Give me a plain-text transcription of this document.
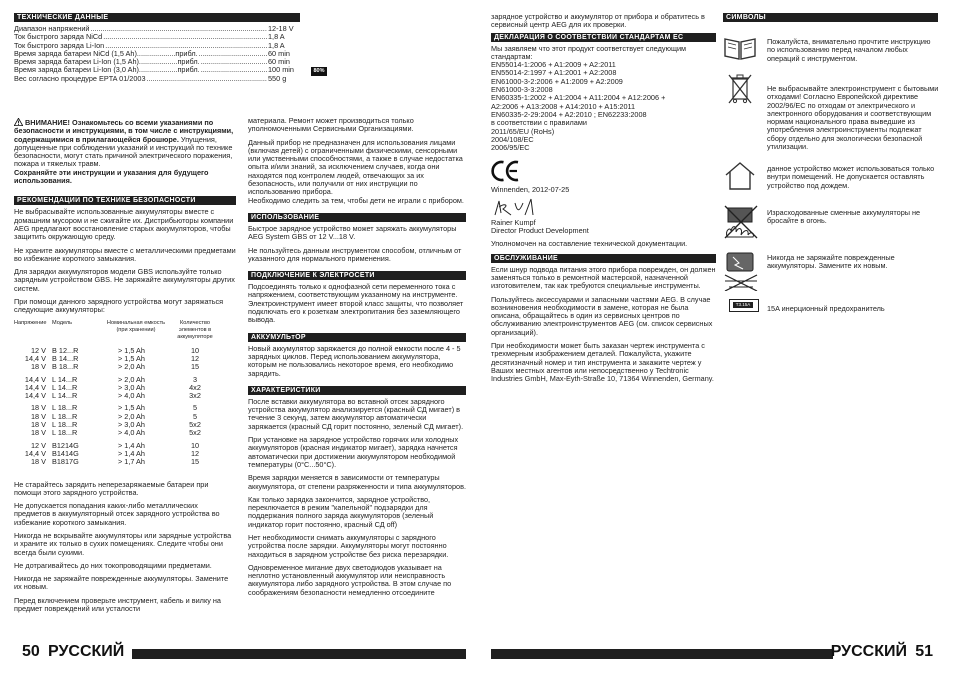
ТЕХНИЧЕСКИЕ ДАННЫЕ
Диапазон напряжений .....	12-18 V
Ток быстрого заряда NiCd .....	1,8 A
Ток быстрого заряда Li-Ion .....	1,8 A
Время заряда батареи NiCd (1,5 Ah)...................прибл. .....	60 min
Время заряда батареи Li-Ion (1,5 Ah)...................прибл. .....	60 min
Время заряда батареи Li-Ion (3,0 Ah)...................прибл. .....	100 min
Вес согласно процедуре EPTA 01/2003 .....	550 g
80%
ВНИМАНИЕ! Ознакомьтесь со всеми указаниями по безопасности и инструкциями, в том числе с инструкциями, содержащимися в прилагающейся брошюре. Упущения, допущенные при соблюдении указаний и инструкций по технике безопасности, могут стать причиной электрического поражения, пожара и тяжелых травм.
Сохраняйте эти инструкции и указания для будущего использования.
РЕКОМЕНДАЦИИ ПО ТЕХНИКЕ БЕЗОПАСНОСТИ
Не выбрасывайте использованные аккумуляторы вместе с домашним мусором и не сжигайте их. Дистрибьюторы компании AEG предлагают восстановление старых аккумуляторов, чтобы защитить окружающую среду.
Не храните аккумуляторы вместе с металлическими предметами во избежание короткого замыкания.
Для зарядки аккумуляторов модели GBS используйте только зарядным устройством GBS. Не заряжайте аккумуляторы других систем.
При помощи данного зарядного устройства могут заряжаться следующие аккумуляторы:
Напряжение	Модель	Номинальная емкость (при хранении)	Количество элементов в аккумуляторе

12 V	B 12...R	> 1,5 Ah	10
14,4 V	B 14...R	> 1,5 Ah	12
18 V	B 18...R	> 2,0 Ah	15

14,4 V	L 14...R	> 2,0 Ah	3
14,4 V	L 14...R	> 3,0 Ah	4x2
14,4 V	L 14...R	> 4,0 Ah	3x2

18 V	L 18...R	> 1,5 Ah	5
18 V	L 18...R	> 2,0 Ah	5
18 V	L 18...R	> 3,0 Ah	5x2
18 V	L 18...R	> 4,0 Ah	5x2

12 V	B1214G	> 1,4 Ah	10
14,4 V	B1414G	> 1,4 Ah	12
18 V	B1817G	> 1,7 Ah	15

Не старайтесь зарядить неперезаряжаемые батареи при помощи этого зарядного устройства.
Не допускается попадания каких-либо металлических предметов в аккумуляторный отсек зарядного устройства во избежание короткого замыкания.
Никогда не вскрывайте аккумуляторы или зарядные устройства и храните их только в сухих помещениях. Следите чтобы они всегда были сухими.
Не дотрагивайтесь до них токопроводящими предметами.
Никогда не заряжайте поврежденные аккумуляторы. Замените их новым.
Перед включением проверьте инструмент, кабель и вилку на предмет повреждений или усталости
материала. Ремонт может производиться только уполномоченными Сервисными Организациями.
Данный прибор не предназначен для использования лицами (включая детей) с ограниченными физическими, сенсорными или умственными способностями, а также в случае недостатка опыта и/или знаний, за исключением случаев, когда они находятся под контролем людей, отвечающих за их безопасность, или получили от них инструкции по использованию прибора.
Необходимо следить за тем, чтобы дети не играли с прибором.
ИСПОЛЬЗОВАНИЕ
Быстрое зарядное устройство может заряжать аккумуляторы AEG System GBS от 12 V...18 V.
Не пользуйтесь данным инструментом способом, отличным от указанного для нормального применения.
ПОДКЛЮЧЕНИЕ К ЭЛЕКТРОСЕТИ
Подсоединять только к однофазной сети переменного тока с напряжением, соответствующим указанному на инструменте. Электроинструмент имеет второй класс защиты, что позволяет подключать его к розеткам электропитания без заземляющего вывода.
АККУМУЛЬтОР
Новый аккумулятор заряжается до полной емкости после 4 - 5 зарядных циклов. Перед использованием аккумулятора, которым не пользовались некоторое время, его необходимо зарядить.
ХАРАКТЕРИСТИКИ
После вставки аккумулятора во вставной отсек зарядного устройства аккумулятор анализируется (красный СД мигает) в течение 3 секунд, затем аккумулятор автоматически заряжается (красный СД горит постоянно, зеленый СД мигает).
При установке на зарядное устройство горячих или холодных аккумуляторов (красная индикатор мигает), зарядка начнется автоматически при достижении аккумулятором необходимой температуры (0°C...50°C).
Время зарядки меняется в зависимости от температуры аккумулятора, от степени разряженности и типа аккумуляторов.
Как только зарядка закончится, зарядное устройство, переключается в режим "капельной" подзарядки для поддержания полного заряда аккумуляторов (зеленый индикатор горит постоянно, красный СД off)
Нет необходимости снимать аккумуляторы с зарядного устройства после зарядки. Аккумуляторы могут постоянно находиться в зарядном устройстве без риска перезарядки.
Одновременное мигание двух светодиодов указывает на неплотно установленный аккумулятор или неисправность аккумулятора либо зарядного устройства. В этом случае по соображениям безопасности немедленно отсоедините
50 РУССКИЙ
зарядное устройство и аккумулятор от прибора и обратитесь в сервисный центр AEG для их проверки.
ДЕКЛАРАЦИЯ О СООТВЕТСТВИИ СТАНДАРТАМ ЕС
Мы заявляем что этот продукт соответствует следующим стандартам:
EN55014-1:2006 + A1:2009 + A2:2011
EN55014-2:1997 + A1:2001 + A2:2008
EN61000-3-2:2006 + A1:2009 + A2:2009
EN61000-3-3:2008
EN60335-1:2002 + A1:2004 + A11:2004 + A12:2006 +
A2:2006 + A13:2008 + A14:2010 + A15:2011
EN60335-2-29:2004 + A2:2010 ; EN62233:2008
в соответствии с правилами
2011/65/EU (RoHs)
2004/108/EC
2006/95/EC
Winnenden, 2012-07-25
Rainer Kumpf
Director Product Development
Уполномочен на составление технической документации.
ОБСЛУЖИВАНИЕ
Если шнур подвода питания этого прибора поврежден, он должен заменяться только в ремонтной мастерской, назначенной изготовителем, так как требуются специальные инструменты.
Пользуйтесь аксессуарами и запасными частями AEG. В случае возникновения необходимости в замене, которая не была описана, обращайтесь в один из сервисных центров по обслуживанию электроинструментов AEG (см. список сервисных организаций).
При необходимости может быть заказан чертеж инструмента с трехмерным изображением деталей. Пожалуйста, укажите десятизначный номер и тип инструмента и закажите чертеж у Ваших местных агентов или непосредственно у Techtronic Industries GmbH, Max-Eyth-Straße 10, 71364 Winnenden, Germany.
РУССКИЙ 51
СИМВОЛЫ
Пожалуйста, внимательно прочтите инструкцию по использованию перед началом любых операций с инструментом.
Не выбрасывайте электроинструмент с бытовыми отходами! Согласно Европейской директиве 2002/96/EC по отходам от электрического и электронного оборудования и соответствующим нормам национального права выведшие из употребления электроинструменты подлежат сбору отдельно для экологически безопасной утилизации.
данное устройство может использоваться только внутри помещений. Не допускается оставлять устройство под дождем.
Израсходованные сменные аккумуляторы не бросайте в огонь.
Никогда не заряжайте поврежденные аккумуляторы. Замените их новым.
T3.15A	15A инерционный предохранитель
